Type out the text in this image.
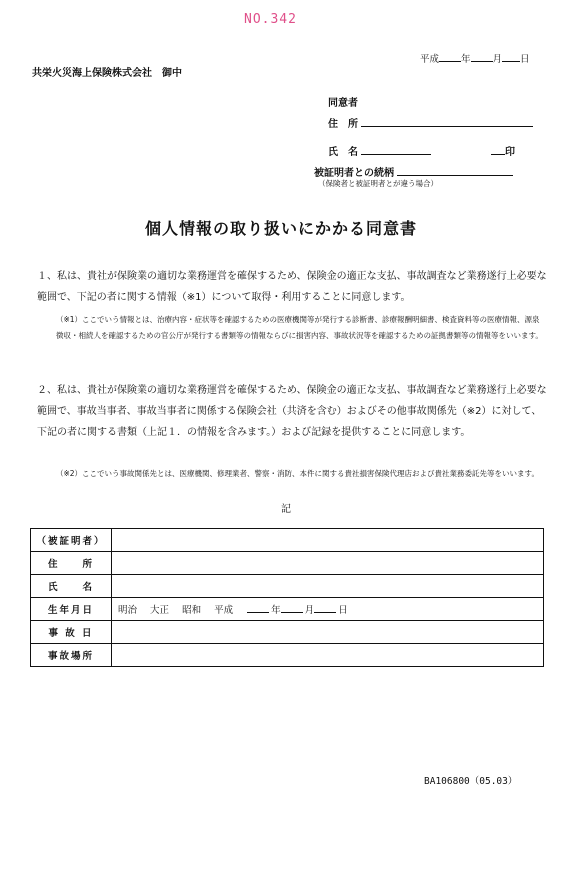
NO.342
共栄火災海上保険株式会社　御中
平成 年 月 日
同意者
住　所
氏　名	印
被証明者との続柄
（保険者と被証明者とが違う場合）
個人情報の取り扱いにかかる同意書
１、私は、貴社が保険業の適切な業務運営を確保するため、保険金の適正な支払、事故調査など業務遂行上必要な範囲で、下記の者に関する情報（※1）について取得・利用することに同意します。
（※1）ここでいう情報とは、治療内容・症状等を確認するための医療機関等が発行する診断書、診療報酬明細書、検査資料等の医療情報、源泉徴収・相続人を確認するための官公庁が発行する書類等の情報ならびに損害内容、事故状況等を確認するための証拠書類等の情報等をいいます。
２、私は、貴社が保険業の適切な業務運営を確保するため、保険金の適正な支払、事故調査など業務遂行上必要な範囲で、事故当事者、事故当事者に関係する保険会社（共済を含む）およびその他事故関係先（※2）に対して、下記の者に関する書類（上記１．の情報を含みます。）および記録を提供することに同意します。
（※2）ここでいう事故関係先とは、医療機関、修理業者、警察・消防、本件に関する貴社損害保険代理店および貴社業務委託先等をいいます。
記
（被証明者）	
住　　所	
氏　　名	
生年月日	明治 大正 昭和 平成 年 月 日
事 故 日	
事故場所	
BA106800（05.03）
